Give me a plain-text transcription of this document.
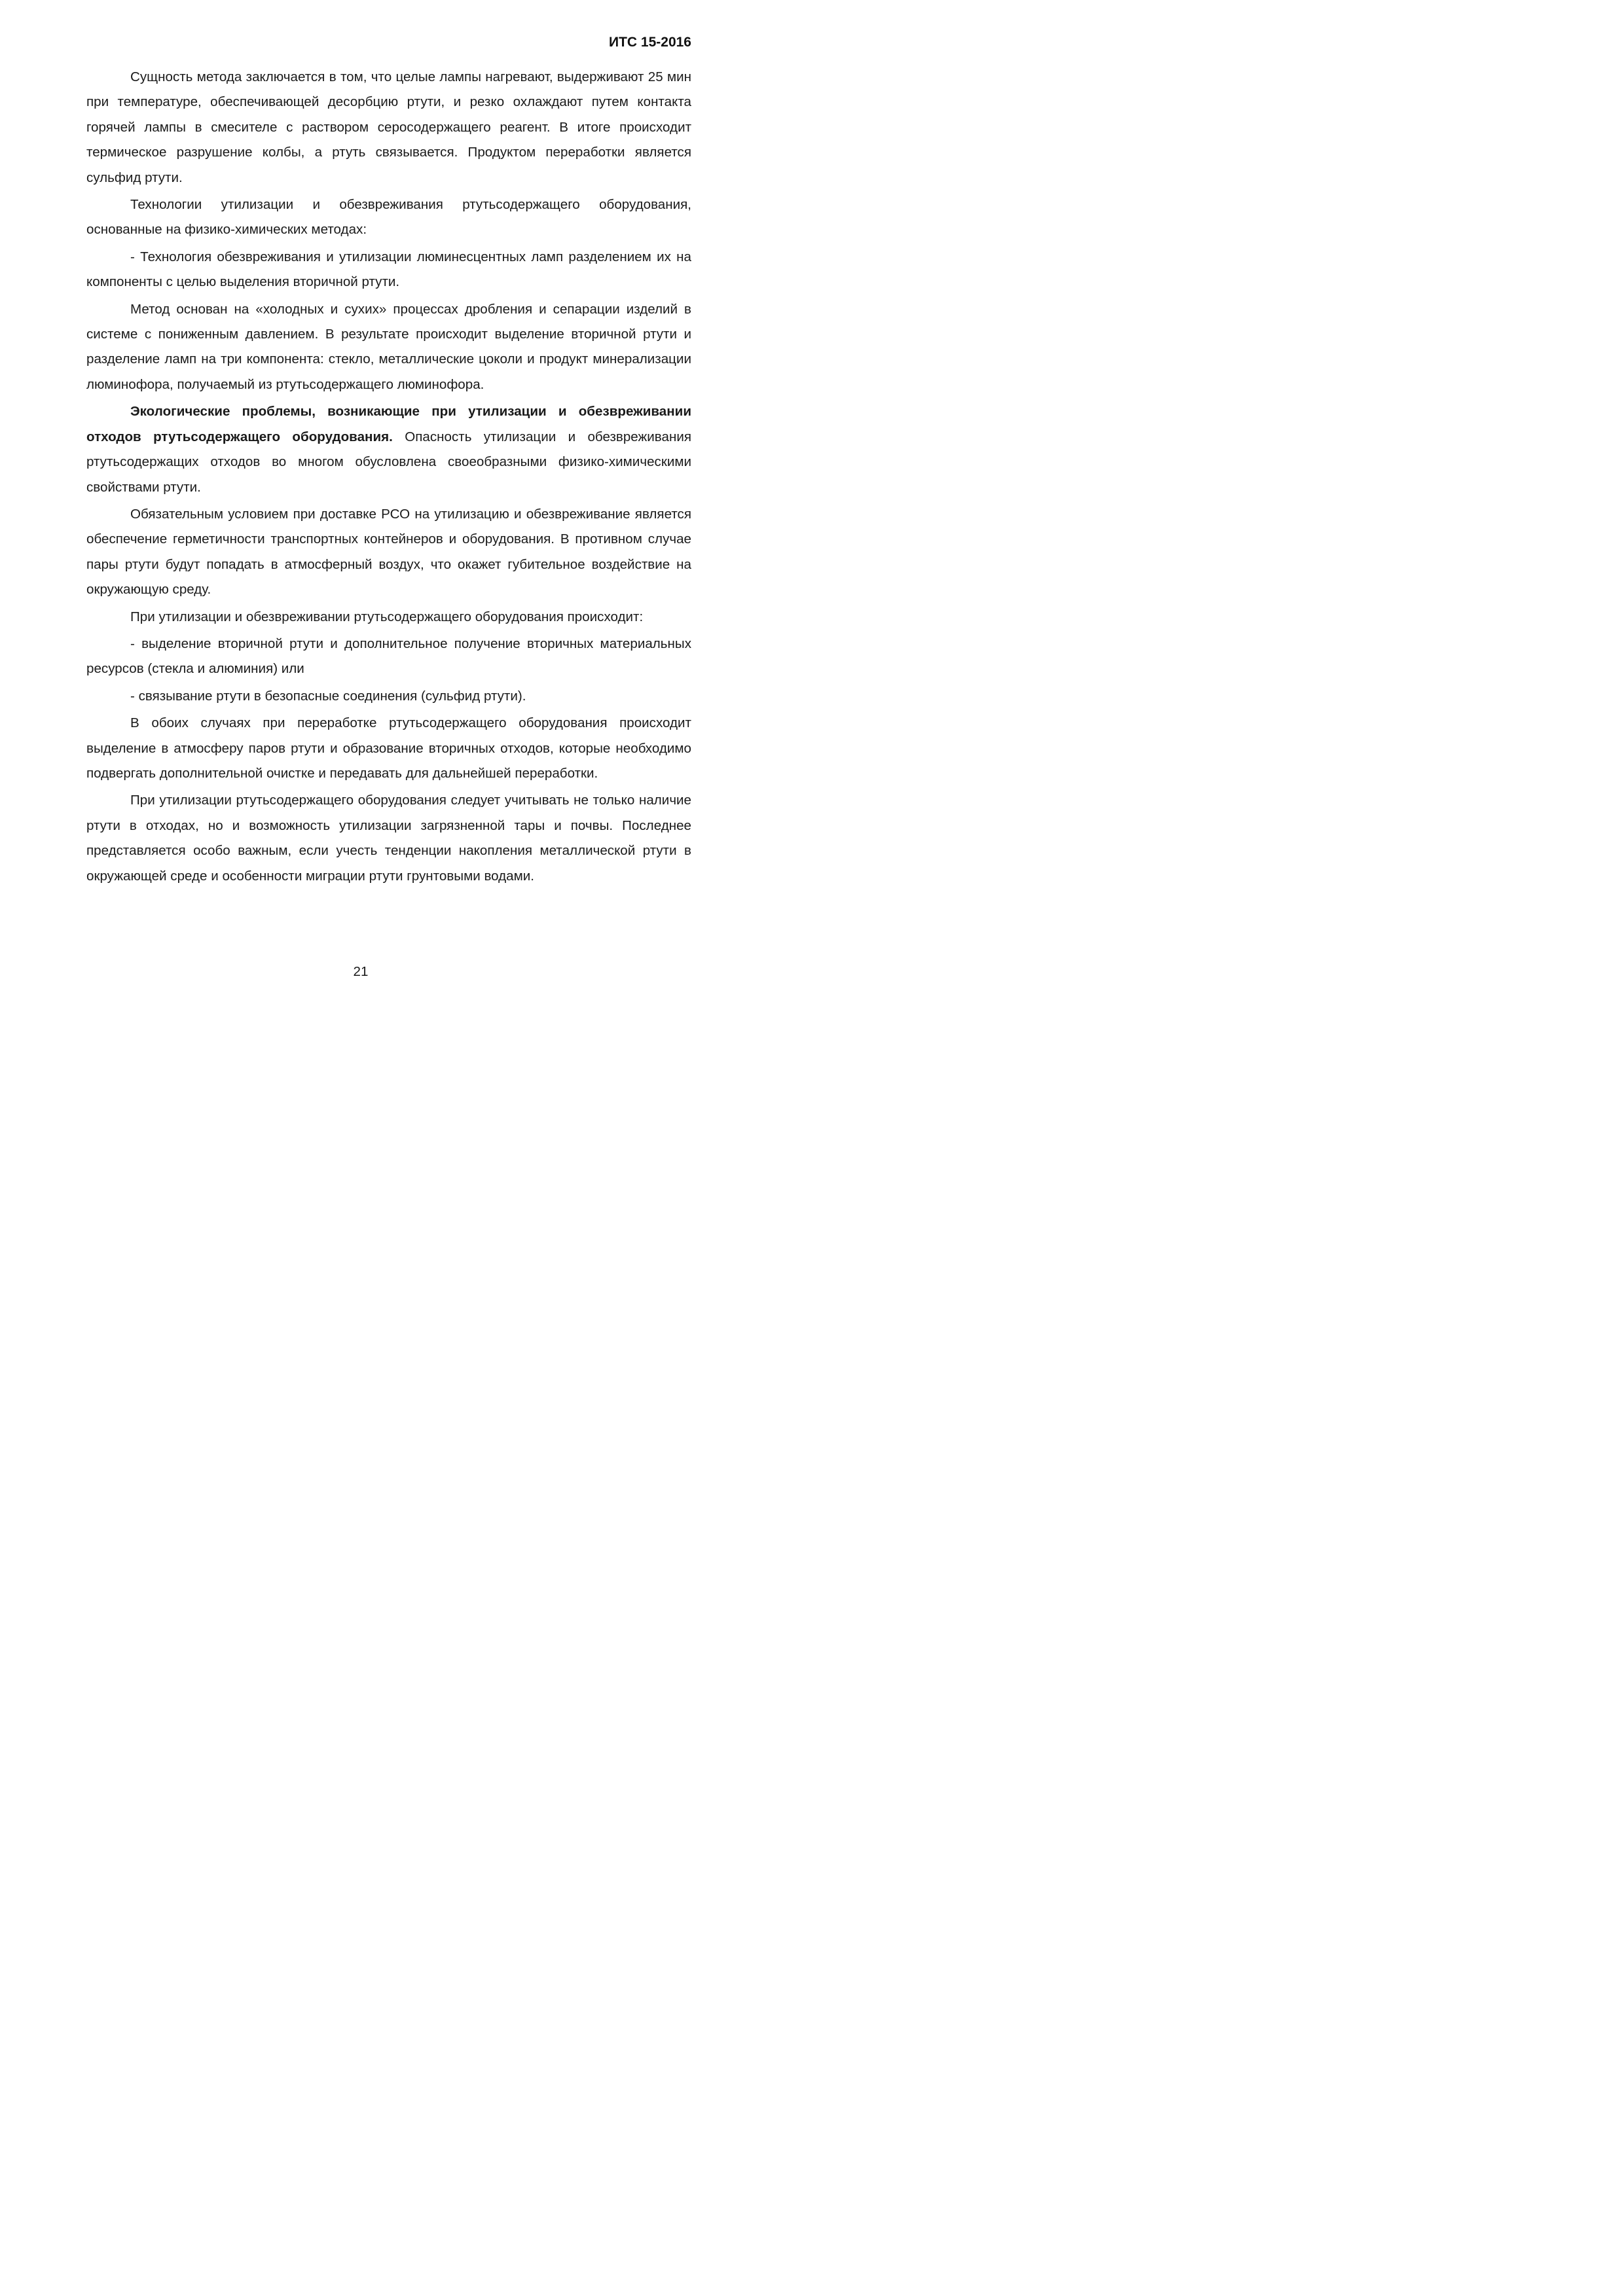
ИТС 15-2016

Сущность метода заключается в том, что целые лампы нагревают, выдерживают 25 мин при температуре, обеспечивающей десорбцию ртути, и резко охлаждают путем контакта горячей лампы в смесителе с раствором серосодержащего реагент. В итоге происходит термическое разрушение колбы, а ртуть связывается. Продуктом переработки является сульфид ртути.

Технологии утилизации и обезвреживания ртутьсодержащего оборудования, основанные на физико-химических методах:

- Технология обезвреживания и утилизации люминесцентных ламп разделением их на компоненты с целью выделения вторичной ртути.

Метод основан на «холодных и сухих» процессах дробления и сепарации изделий в системе с пониженным давлением. В результате происходит выделение вторичной ртути и разделение ламп на три компонента: стекло, металлические цоколи и продукт минерализации люминофора, получаемый из ртутьсодержащего люминофора.

Экологические проблемы, возникающие при утилизации и обезвреживании отходов ртутьсодержащего оборудования. Опасность утилизации и обезвреживания ртутьсодержащих отходов во многом обусловлена своеобразными физико-химическими свойствами ртути.

Обязательным условием при доставке РСО на утилизацию и обезвреживание является обеспечение герметичности транспортных контейнеров и оборудования. В противном случае пары ртути будут попадать в атмосферный воздух, что окажет губительное воздействие на окружающую среду.

При утилизации и обезвреживании ртутьсодержащего оборудования происходит:

- выделение вторичной ртути и дополнительное получение вторичных материальных ресурсов (стекла и алюминия) или

- связывание ртути в безопасные соединения (сульфид ртути).

В обоих случаях при переработке ртутьсодержащего оборудования происходит выделение в атмосферу паров ртути и образование вторичных отходов, которые необходимо подвергать дополнительной очистке и передавать для дальнейшей переработки.

При утилизации ртутьсодержащего оборудования следует учитывать не только наличие ртути в отходах, но и возможность утилизации загрязненной тары и почвы. Последнее представляется особо важным, если учесть тенденции накопления металлической ртути в окружающей среде и особенности миграции ртути грунтовыми водами.

21
